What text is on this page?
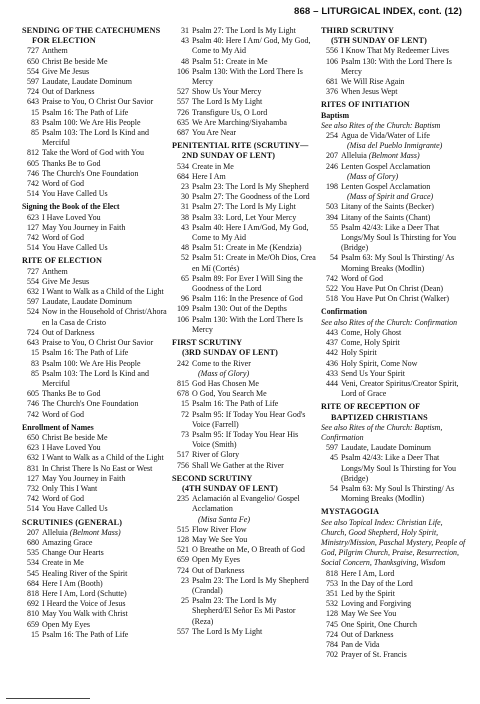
868 – LITURGICAL INDEX, cont. (12)
SENDING OF THE CATECHUMENS
FOR ELECTION
727 Anthem
650 Christ Be beside Me
554 Give Me Jesus
597 Laudate, Laudate Dominum
724 Out of Darkness
643 Praise to You, O Christ Our Savior
15 Psalm 16: The Path of Life
83 Psalm 100: We Are His People
85 Psalm 103: The Lord Is Kind and Merciful
812 Take the Word of God with You
605 Thanks Be to God
746 The Church's One Foundation
742 Word of God
514 You Have Called Us
Signing the Book of the Elect
623 I Have Loved You
127 May You Journey in Faith
742 Word of God
514 You Have Called Us
RITE OF ELECTION
727 Anthem
554 Give Me Jesus
632 I Want to Walk as a Child of the Light
597 Laudate, Laudate Dominum
524 Now in the Household of Christ/Ahora en la Casa de Cristo
724 Out of Darkness
643 Praise to You, O Christ Our Savior
15 Psalm 16: The Path of Life
83 Psalm 100: We Are His People
85 Psalm 103: The Lord Is Kind and Merciful
605 Thanks Be to God
746 The Church's One Foundation
742 Word of God
Enrollment of Names
650 Christ Be beside Me
623 I Have Loved You
632 I Want to Walk as a Child of the Light
831 In Christ There Is No East or West
127 May You Journey in Faith
732 Only This I Want
742 Word of God
514 You Have Called Us
SCRUTINIES (GENERAL)
207 Alleluia (Belmont Mass)
680 Amazing Grace
535 Change Our Hearts
534 Create in Me
545 Healing River of the Spirit
684 Here I Am (Booth)
818 Here I Am, Lord (Schutte)
692 I Heard the Voice of Jesus
810 May You Walk with Christ
659 Open My Eyes
15 Psalm 16: The Path of Life
31 Psalm 27: The Lord Is My Light
43 Psalm 40: Here I Am/ God, My God, Come to My Aid
48 Psalm 51: Create in Me
106 Psalm 130: With the Lord There Is Mercy
527 Show Us Your Mercy
557 The Lord Is My Light
726 Transfigure Us, O Lord
635 We Are Marching/Siyahamba
687 You Are Near
PENITENTIAL RITE (SCRUTINY—
2ND SUNDAY OF LENT)
534 Create in Me
684 Here I Am
23 Psalm 23: The Lord Is My Shepherd
30 Psalm 27: The Goodness of the Lord
31 Psalm 27: The Lord Is My Light
38 Psalm 33: Lord, Let Your Mercy
43 Psalm 40: Here I Am/God, My God, Come to My Aid
48 Psalm 51: Create in Me (Kendzia)
52 Psalm 51: Create in Me/Oh Dios, Crea en Mí (Cortés)
65 Psalm 89: For Ever I Will Sing the Goodness of the Lord
96 Psalm 116: In the Presence of God
109 Psalm 130: Out of the Depths
106 Psalm 130: With the Lord There Is Mercy
FIRST SCRUTINY
(3RD SUNDAY OF LENT)
242 Come to the River
(Mass of Glory)
815 God Has Chosen Me
678 O God, You Search Me
15 Psalm 16: The Path of Life
72 Psalm 95: If Today You Hear God's Voice (Farrell)
73 Psalm 95: If Today You Hear His Voice (Smith)
517 River of Glory
756 Shall We Gather at the River
SECOND SCRUTINY
(4TH SUNDAY OF LENT)
235 Aclamación al Evangelio/ Gospel Acclamation
(Misa Santa Fe)
515 Flow River Flow
128 May We See You
521 O Breathe on Me, O Breath of God
659 Open My Eyes
724 Out of Darkness
23 Psalm 23: The Lord Is My Shepherd (Crandal)
25 Psalm 23: The Lord Is My Shepherd/El Señor Es Mi Pastor (Reza)
557 The Lord Is My Light
THIRD SCRUTINY
(5TH SUNDAY OF LENT)
556 I Know That My Redeemer Lives
106 Psalm 130: With the Lord There Is Mercy
681 We Will Rise Again
376 When Jesus Wept
RITES OF INITIATION
Baptism
See also Rites of the Church: Baptism
254 Agua de Vida/Water of Life
(Misa del Pueblo Inmigrante)
207 Alleluia (Belmont Mass)
246 Lenten Gospel Acclamation
(Mass of Glory)
198 Lenten Gospel Acclamation
(Mass of Spirit and Grace)
503 Litany of the Saints (Becker)
394 Litany of the Saints (Chant)
55 Psalm 42/43: Like a Deer That Longs/My Soul Is Thirsting for You (Bridge)
54 Psalm 63: My Soul Is Thirsting/ As Morning Breaks (Modlin)
742 Word of God
522 You Have Put On Christ (Dean)
518 You Have Put On Christ (Walker)
Confirmation
See also Rites of the Church: Confirmation
443 Come, Holy Ghost
437 Come, Holy Spirit
442 Holy Spirit
436 Holy Spirit, Come Now
433 Send Us Your Spirit
444 Veni, Creator Spiritus/Creator Spirit, Lord of Grace
RITE OF RECEPTION OF
BAPTIZED CHRISTIANS
See also Rites of the Church: Baptism, Confirmation
597 Laudate, Laudate Dominum
45 Psalm 42/43: Like a Deer That Longs/My Soul Is Thirsting for You (Bridge)
54 Psalm 63: My Soul Is Thirsting/ As Morning Breaks (Modlin)
MYSTAGOGIA
See also Topical Index: Christian Life, Church, Good Shepherd, Holy Spirit, Ministry/Mission, Paschal Mystery, People of God, Pilgrim Church, Praise, Resurrection, Social Concern, Thanksgiving, Wisdom
818 Here I Am, Lord
753 In the Day of the Lord
351 Led by the Spirit
532 Loving and Forgiving
128 May We See You
745 One Spirit, One Church
724 Out of Darkness
784 Pan de Vida
702 Prayer of St. Francis
